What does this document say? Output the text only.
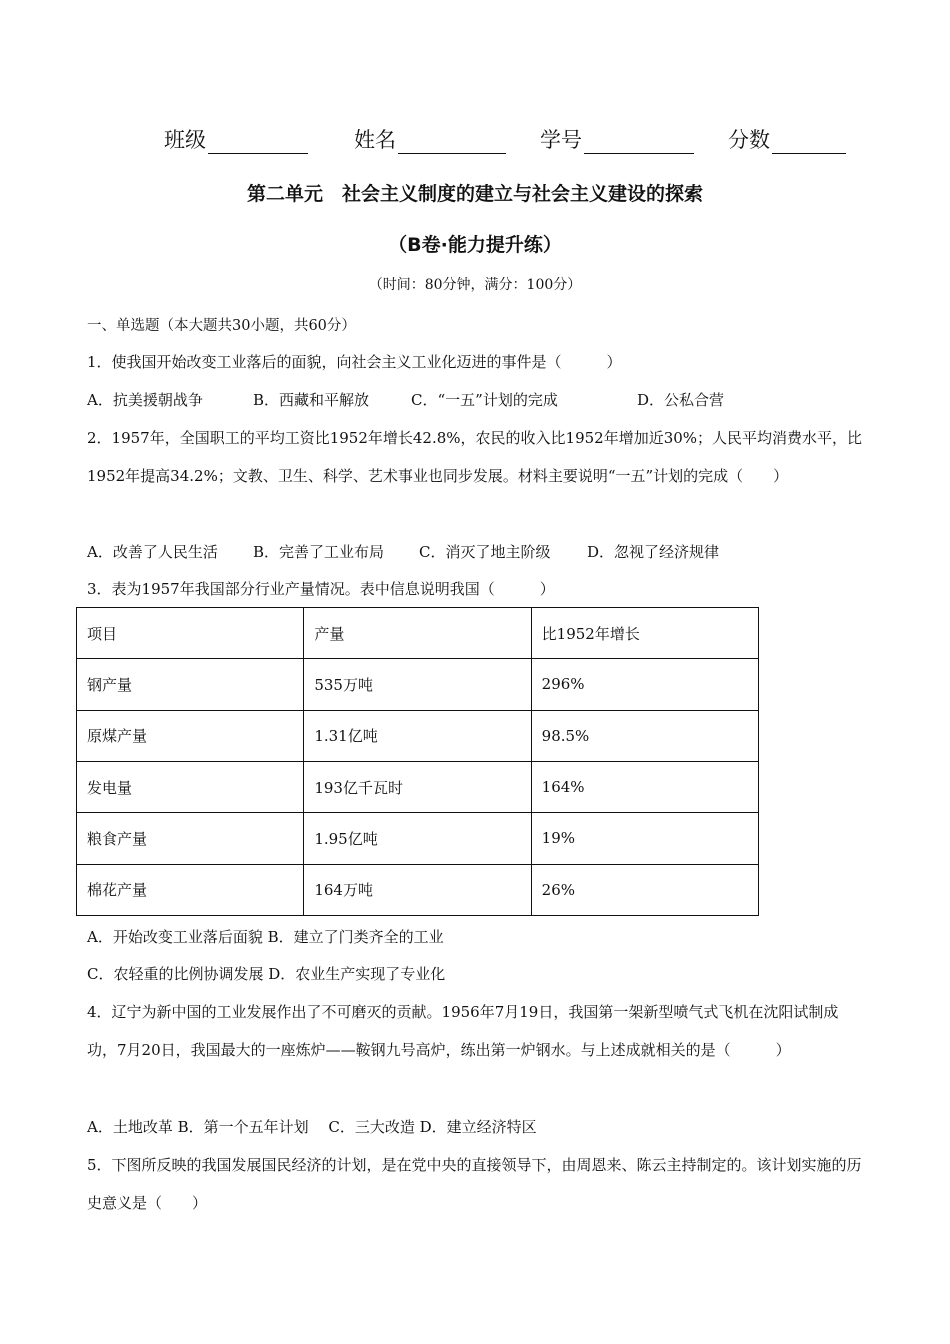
班级	姓名	学号	分数
第二单元　社会主义制度的建立与社会主义建设的探索
（B卷·能力提升练）
（时间：80分钟，满分：100分）
一、单选题（本大题共30小题，共60分）
1．使我国开始改变工业落后的面貌，向社会主义工业化迈进的事件是（　　　）
A．抗美援朝战争	B．西藏和平解放	C．“一五”计划的完成	D．公私合营
2．1957年，全国职工的平均工资比1952年增长42.8%，农民的收入比1952年增加近30%；人民平均消费水平，比1952年提高34.2%；文教、卫生、科学、艺术事业也同步发展。材料主要说明“一五”计划的完成（　　）
A．改善了人民生活	B．完善了工业布局	C．消灭了地主阶级	D．忽视了经济规律
3．表为1957年我国部分行业产量情况。表中信息说明我国（　　　）
项目	产量	比1952年增长
钢产量	535万吨	296%
原煤产量	1.31亿吨	98.5%
发电量	193亿千瓦时	164%
粮食产量	1.95亿吨	19%
棉花产量	164万吨	26%
A．开始改变工业落后面貌 B．建立了门类齐全的工业
C．农轻重的比例协调发展 D．农业生产实现了专业化
4．辽宁为新中国的工业发展作出了不可磨灭的贡献。1956年7月19日，我国第一架新型喷气式飞机在沈阳试制成功，7月20日，我国最大的一座炼炉——鞍钢九号高炉，练出第一炉钢水。与上述成就相关的是（　　　）
A．土地改革 B．第一个五年计划　 C．三大改造 D．建立经济特区
5．下图所反映的我国发展国民经济的计划，是在党中央的直接领导下，由周恩来、陈云主持制定的。该计划实施的历史意义是（　　）
